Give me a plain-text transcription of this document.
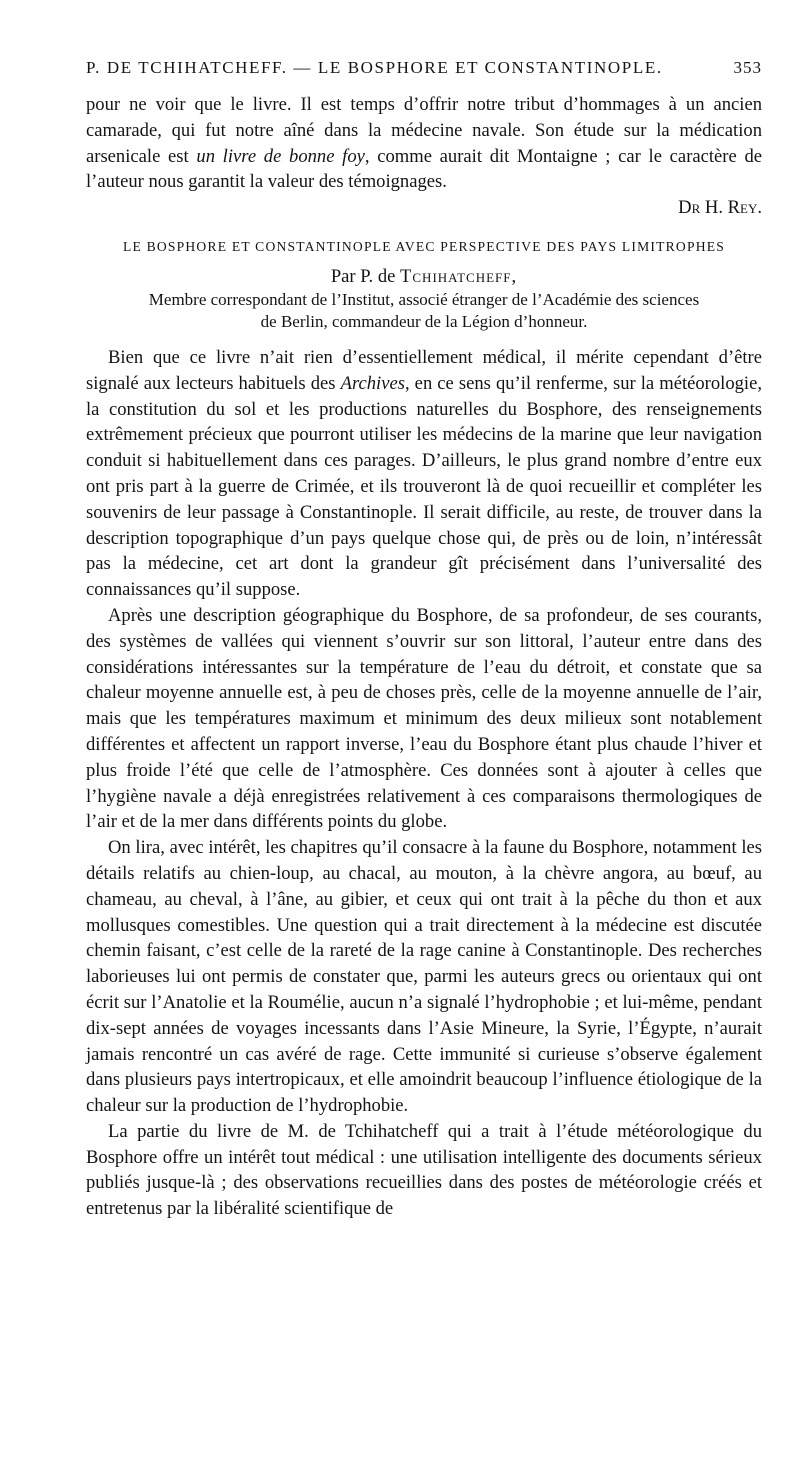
P. DE TCHIHATCHEFF. — LE BOSPHORE ET CONSTANTINOPLE.	353

pour ne voir que le livre. Il est temps d’offrir notre tribut d’hommages à un ancien camarade, qui fut notre aîné dans la médecine navale. Son étude sur la médication arsenicale est un livre de bonne foy, comme aurait dit Montaigne ; car le caractère de l’auteur nous garantit la valeur des témoignages.

Dr H. Rey.
LE BOSPHORE ET CONSTANTINOPLE AVEC PERSPECTIVE DES PAYS LIMITROPHES
Par P. de Tchihatcheff,
Membre correspondant de l’Institut, associé étranger de l’Académie des sciences
de Berlin, commandeur de la Légion d’honneur.

Bien que ce livre n’ait rien d’essentiellement médical, il mérite cependant d’être signalé aux lecteurs habituels des Archives, en ce sens qu’il renferme, sur la météorologie, la constitution du sol et les productions naturelles du Bosphore, des renseignements extrêmement précieux que pourront utiliser les médecins de la marine que leur navigation conduit si habituellement dans ces parages. D’ailleurs, le plus grand nombre d’entre eux ont pris part à la guerre de Crimée, et ils trouveront là de quoi recueillir et compléter les souvenirs de leur passage à Constantinople. Il serait difficile, au reste, de trouver dans la description topographique d’un pays quelque chose qui, de près ou de loin, n’intéressât pas la médecine, cet art dont la grandeur gît précisément dans l’universalité des connaissances qu’il suppose.

Après une description géographique du Bosphore, de sa profondeur, de ses courants, des systèmes de vallées qui viennent s’ouvrir sur son littoral, l’auteur entre dans des considérations intéressantes sur la température de l’eau du détroit, et constate que sa chaleur moyenne annuelle est, à peu de choses près, celle de la moyenne annuelle de l’air, mais que les températures maximum et minimum des deux milieux sont notablement différentes et affectent un rapport inverse, l’eau du Bosphore étant plus chaude l’hiver et plus froide l’été que celle de l’atmosphère. Ces données sont à ajouter à celles que l’hygiène navale a déjà enregistrées relativement à ces comparaisons thermologiques de l’air et de la mer dans différents points du globe.

On lira, avec intérêt, les chapitres qu’il consacre à la faune du Bosphore, notamment les détails relatifs au chien-loup, au chacal, au mouton, à la chèvre angora, au bœuf, au chameau, au cheval, à l’âne, au gibier, et ceux qui ont trait à la pêche du thon et aux mollusques comestibles. Une question qui a trait directement à la médecine est discutée chemin faisant, c’est celle de la rareté de la rage canine à Constantinople. Des recherches laborieuses lui ont permis de constater que, parmi les auteurs grecs ou orientaux qui ont écrit sur l’Anatolie et la Roumélie, aucun n’a signalé l’hydrophobie ; et lui-même, pendant dix-sept années de voyages incessants dans l’Asie Mineure, la Syrie, l’Égypte, n’aurait jamais rencontré un cas avéré de rage. Cette immunité si curieuse s’observe également dans plusieurs pays intertropicaux, et elle amoindrit beaucoup l’influence étiologique de la chaleur sur la production de l’hydrophobie.

La partie du livre de M. de Tchihatcheff qui a trait à l’étude météorologique du Bosphore offre un intérêt tout médical : une utilisation intelligente des documents sérieux publiés jusque-là ; des observations recueillies dans des postes de météorologie créés et entretenus par la libéralité scientifique de
